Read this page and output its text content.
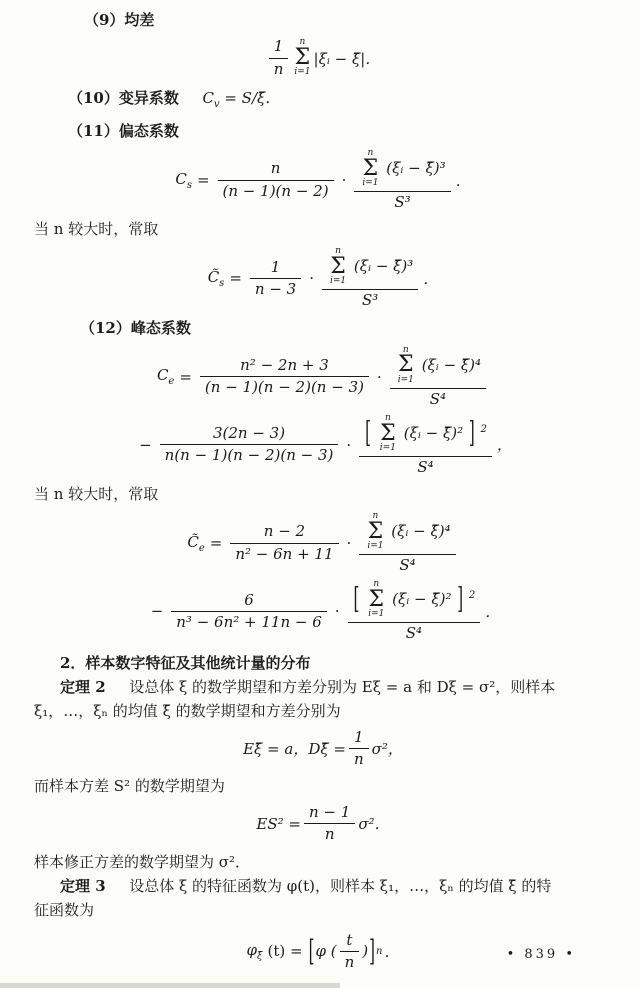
（9）均差
$\frac{1}{n}$ n
Σ
i=1
|ξᵢ − ξ̄|．
（10）变异系数 $C_v$ = S/ξ̄．
（11）偏态系数
$C_s = \frac{n}{(n - 1)(n - 2)}$ ·
n
Σ
i=1
(ξᵢ − ξ̄)³
S³
．
当 n 较大时，常取
$C̃_s = \frac{1}{n - 3}$ ·
n
Σ
i=1
(ξᵢ − ξ̄)³
S³
．
（12）峰态系数
$C_e = \frac{\text{n² − 2n + 3}}{(n - 1)(n - 2)(n - 3)}$ ·
n
Σ
i=1
(ξᵢ − ξ̄)⁴
S⁴
− $\frac{3(2n - 3)}{n(n - 1)(n - 2)(n - 3)}$ · [ n
Σ
i=1
(ξᵢ − ξ̄)² ] $^2$
S⁴
，
当 n 较大时，常取
$C̃_e = \frac{n - 2}{\text{n² − 6n + 11}}$ ·
n
Σ
i=1
(ξᵢ − ξ̄)⁴
S⁴
− $\frac{6}{\text{n³ − 6n² + 11n − 6}}$ · [ n
Σ
i=1
(ξᵢ − ξ̄)² ] $^2$
S⁴
．
2．样本数字特征及其他统计量的分布
定理 2 设总体 ξ 的数学期望和方差分别为 Eξ = a 和 Dξ = σ²，则样本
ξ₁，…，ξₙ 的均值 ξ̄ 的数学期望和方差分别为
Eξ̄ = a，Dξ̄ = $\frac{1}{n} \sigma^2$，
而样本方差 S² 的数学期望为
$ES^2 = \frac{n - 1}{n} \sigma^2$．
样本修正方差的数学期望为 σ²．
定理 3 设总体 ξ 的特征函数为 φ(t)，则样本 ξ₁，…，ξₙ 的均值 ξ̄ 的特
征函数为
$\varphi_{\xī}$ (t) = [ φ (
t
n
) ] n ．	• 839 •
